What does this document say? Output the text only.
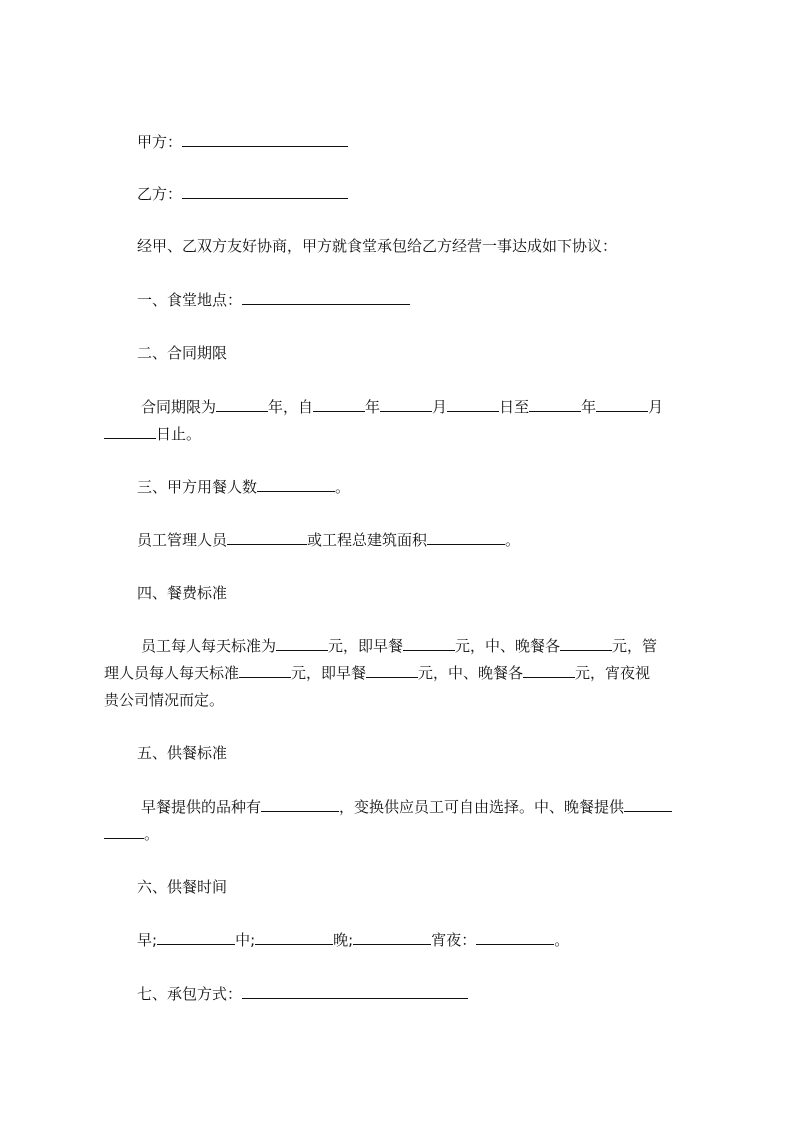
甲方：
乙方：
经甲、乙双方友好协商，甲方就食堂承包给乙方经营一事达成如下协议：
一、食堂地点：
二、合同期限
合同期限为	年，自	年	月	日至	年	月
日止。
三、甲方用餐人数	。
员工管理人员	或工程总建筑面积	。
四、餐费标准
员工每人每天标准为	元，即早餐	元，中、晚餐各	元，管
理人员每人每天标准	元，即早餐	元，中、晚餐各	元，宵夜视
贵公司情况而定。
五、供餐标准
早餐提供的品种有	，变换供应员工可自由选择。中、晚餐提供
。
六、供餐时间
早;	中;	晚;	宵夜：	。
七、承包方式：
